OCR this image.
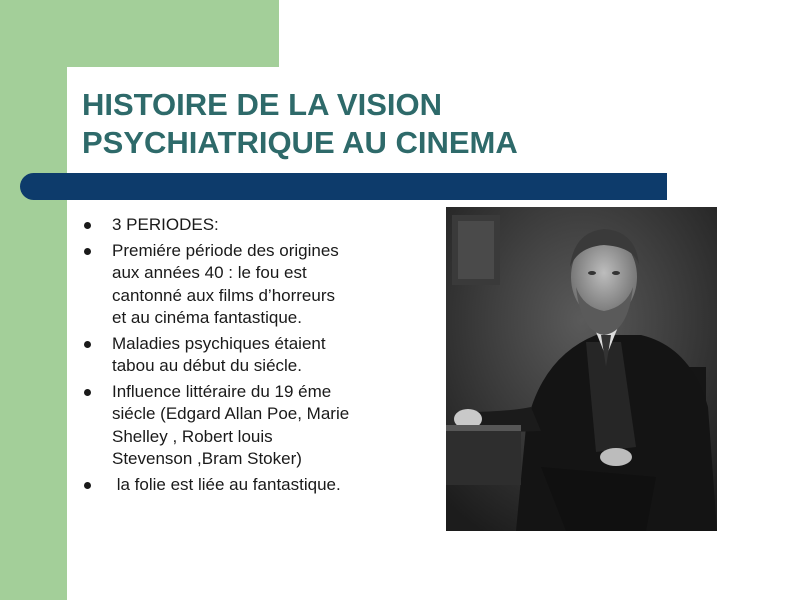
HISTOIRE DE LA VISION
PSYCHIATRIQUE AU CINEMA
3 PERIODES:
Premiére période des origines
aux années 40 : le fou est
cantonné aux films d’horreurs
et au cinéma fantastique.
Maladies psychiques étaient
tabou au début du siécle.
Influence littéraire du 19 éme
siécle (Edgard Allan Poe, Marie
Shelley , Robert louis
Stevenson ,Bram Stoker)
la folie est liée au fantastique.
